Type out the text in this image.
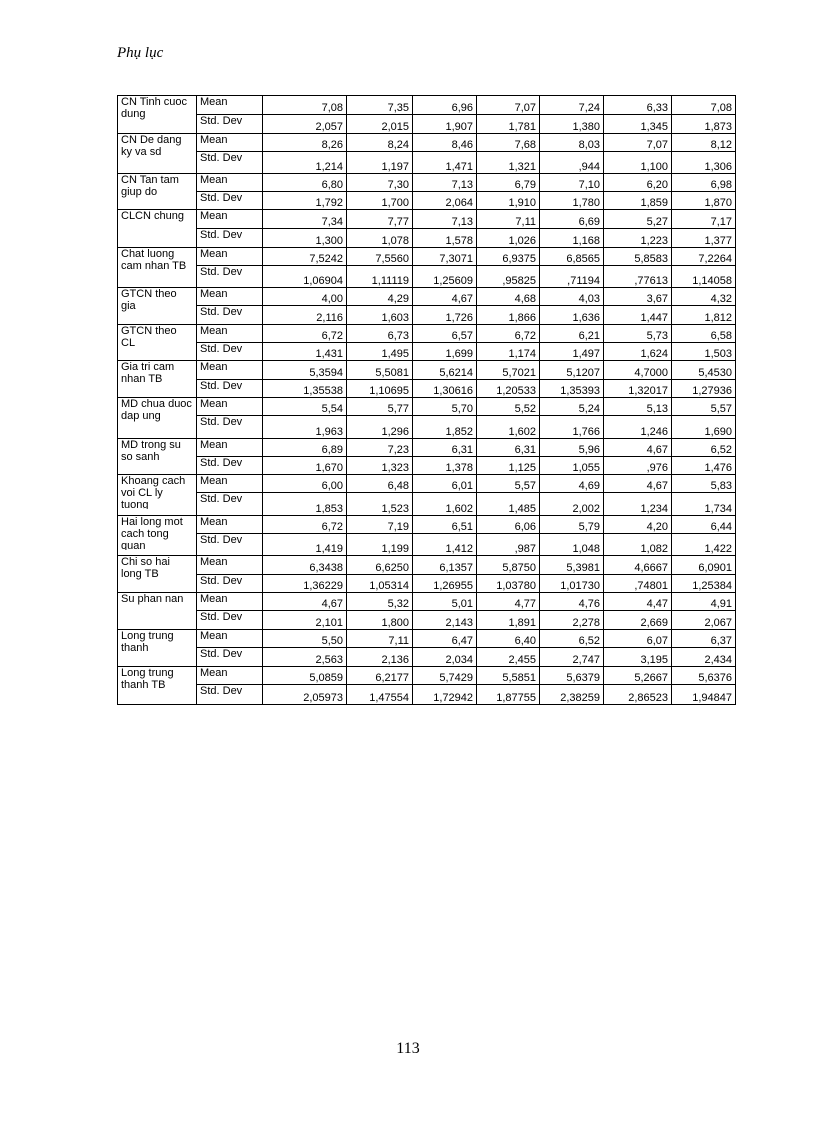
Phụ lục
CN Tinh cuoc dung	Mean	7,08	7,35	6,96	7,07	7,24	6,33	7,08
	Std. Dev	2,057	2,015	1,907	1,781	1,380	1,345	1,873

CN De dang ky va sd	Mean	8,26	8,24	8,46	7,68	8,03	7,07	8,12
	Std. Dev	1,214	1,197	1,471	1,321	,944	1,100	1,306

CN Tan tam giup do	Mean	6,80	7,30	7,13	6,79	7,10	6,20	6,98
	Std. Dev	1,792	1,700	2,064	1,910	1,780	1,859	1,870

CLCN chung	Mean	7,34	7,77	7,13	7,11	6,69	5,27	7,17
	Std. Dev	1,300	1,078	1,578	1,026	1,168	1,223	1,377

Chat luong cam nhan TB	Mean	7,5242	7,5560	7,3071	6,9375	6,8565	5,8583	7,2264
	Std. Dev	1,06904	1,11119	1,25609	,95825	,71194	,77613	1,14058

GTCN theo gia	Mean	4,00	4,29	4,67	4,68	4,03	3,67	4,32
	Std. Dev	2,116	1,603	1,726	1,866	1,636	1,447	1,812

GTCN theo CL	Mean	6,72	6,73	6,57	6,72	6,21	5,73	6,58
	Std. Dev	1,431	1,495	1,699	1,174	1,497	1,624	1,503

Gia tri cam nhan TB	Mean	5,3594	5,5081	5,6214	5,7021	5,1207	4,7000	5,4530
	Std. Dev	1,35538	1,10695	1,30616	1,20533	1,35393	1,32017	1,27936

MD chua duoc dap ung	Mean	5,54	5,77	5,70	5,52	5,24	5,13	5,57
	Std. Dev	1,963	1,296	1,852	1,602	1,766	1,246	1,690

MD trong su so sanh	Mean	6,89	7,23	6,31	6,31	5,96	4,67	6,52
	Std. Dev	1,670	1,323	1,378	1,125	1,055	,976	1,476

Khoang cach voi CL ly tuong	Mean	6,00	6,48	6,01	5,57	4,69	4,67	5,83
	Std. Dev	1,853	1,523	1,602	1,485	2,002	1,234	1,734

Hai long mot cach tong quan	Mean	6,72	7,19	6,51	6,06	5,79	4,20	6,44
	Std. Dev	1,419	1,199	1,412	,987	1,048	1,082	1,422

Chi so hai long TB	Mean	6,3438	6,6250	6,1357	5,8750	5,3981	4,6667	6,0901
	Std. Dev	1,36229	1,05314	1,26955	1,03780	1,01730	,74801	1,25384

Su phan nan	Mean	4,67	5,32	5,01	4,77	4,76	4,47	4,91
	Std. Dev	2,101	1,800	2,143	1,891	2,278	2,669	2,067

Long trung thanh	Mean	5,50	7,11	6,47	6,40	6,52	6,07	6,37
	Std. Dev	2,563	2,136	2,034	2,455	2,747	3,195	2,434

Long trung thanh TB	Mean	5,0859	6,2177	5,7429	5,5851	5,6379	5,2667	5,6376
	Std. Dev	2,05973	1,47554	1,72942	1,87755	2,38259	2,86523	1,94847
113
